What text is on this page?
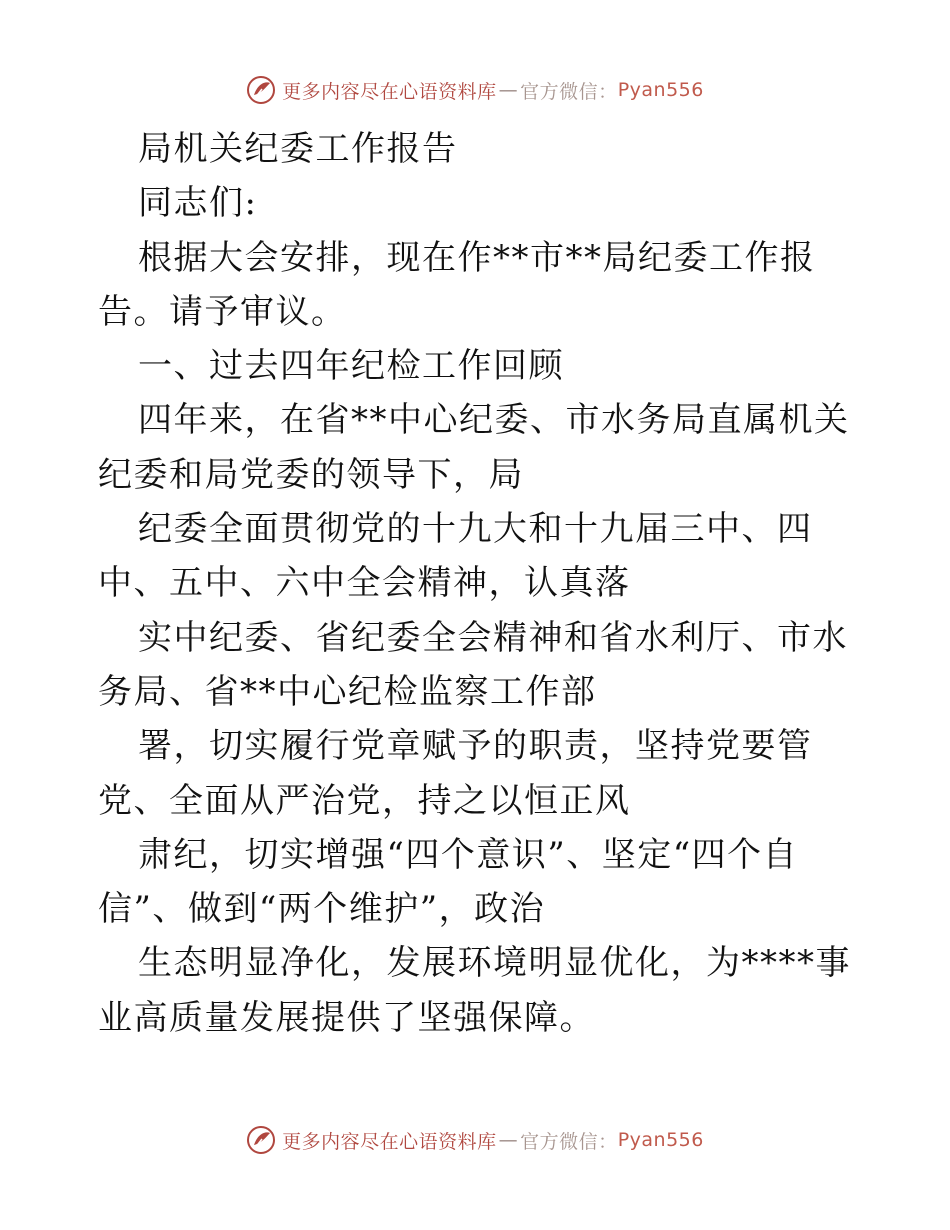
更多内容尽在心语资料库 — 官方微信： Pyan556

局机关纪委工作报告

同志们:

根据大会安排，现在作**市**局纪委工作报告。请予审议。

一、过去四年纪检工作回顾

四年来，在省**中心纪委、市水务局直属机关纪委和局党委的领导下，局

纪委全面贯彻党的十九大和十九届三中、四中、五中、六中全会精神，认真落

实中纪委、省纪委全会精神和省水利厅、市水务局、省**中心纪检监察工作部

署，切实履行党章赋予的职责，坚持党要管党、全面从严治党，持之以恒正风

肃纪，切实增强“四个意识”、坚定“四个自信”、做到“两个维护”，政治

生态明显净化，发展环境明显优化，为****事业高质量发展提供了坚强保障。

更多内容尽在心语资料库 — 官方微信： Pyan556
